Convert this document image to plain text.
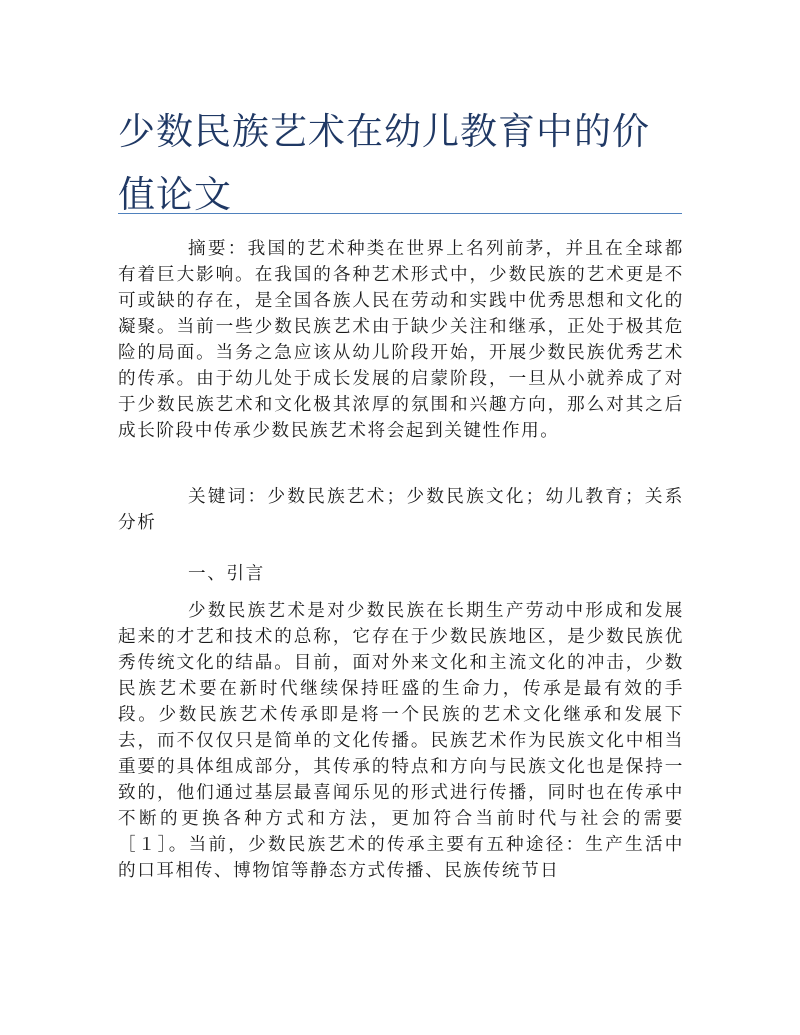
少数民族艺术在幼儿教育中的价值论文

摘要：我国的艺术种类在世界上名列前茅，并且在全球都有着巨大影响。在我国的各种艺术形式中，少数民族的艺术更是不可或缺的存在，是全国各族人民在劳动和实践中优秀思想和文化的凝聚。当前一些少数民族艺术由于缺少关注和继承，正处于极其危险的局面。当务之急应该从幼儿阶段开始，开展少数民族优秀艺术的传承。由于幼儿处于成长发展的启蒙阶段，一旦从小就养成了对于少数民族艺术和文化极其浓厚的氛围和兴趣方向，那么对其之后成长阶段中传承少数民族艺术将会起到关键性作用。

关键词：少数民族艺术；少数民族文化；幼儿教育；关系分析

一、引言

少数民族艺术是对少数民族在长期生产劳动中形成和发展起来的才艺和技术的总称，它存在于少数民族地区，是少数民族优秀传统文化的结晶。目前，面对外来文化和主流文化的冲击，少数民族艺术要在新时代继续保持旺盛的生命力，传承是最有效的手段。少数民族艺术传承即是将一个民族的艺术文化继承和发展下去，而不仅仅只是简单的文化传播。民族艺术作为民族文化中相当重要的具体组成部分，其传承的特点和方向与民族文化也是保持一致的，他们通过基层最喜闻乐见的形式进行传播，同时也在传承中不断的更换各种方式和方法，更加符合当前时代与社会的需要［１］。当前，少数民族艺术的传承主要有五种途径：生产生活中的口耳相传、博物馆等静态方式传播、民族传统节日
